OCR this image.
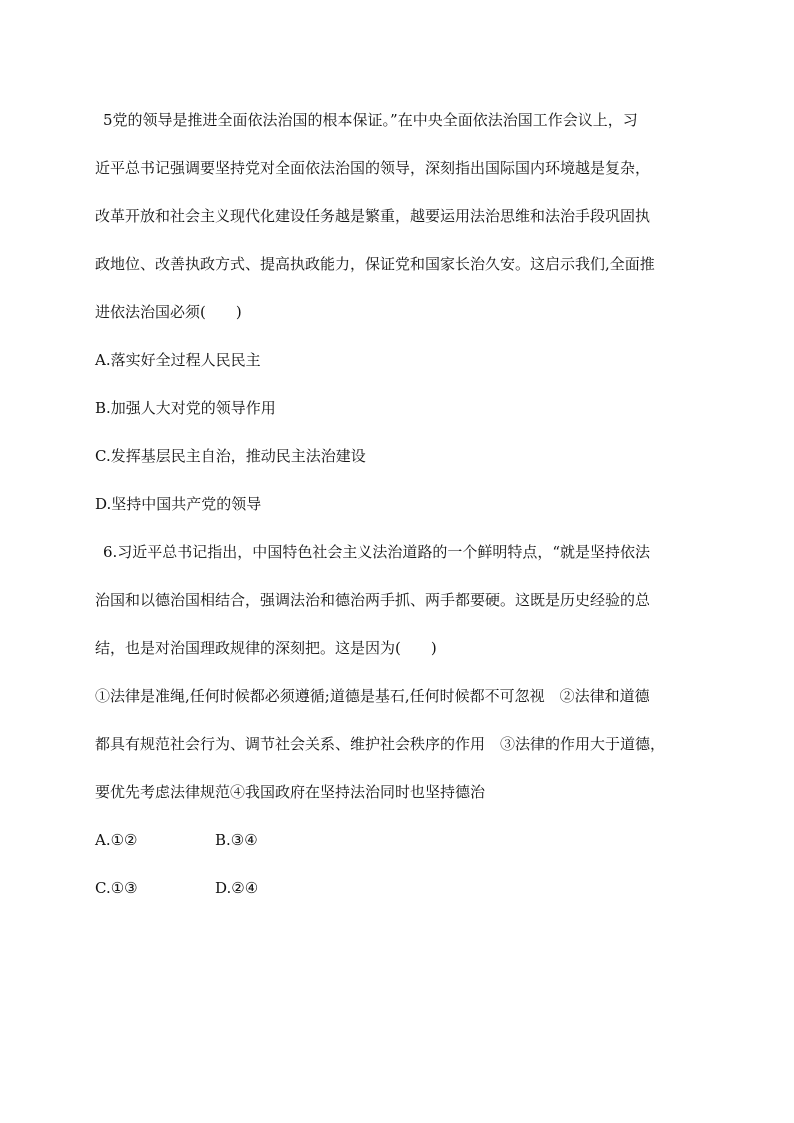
5党的领导是推进全面依法治国的根本保证。”在中央全面依法治国工作会议上，习
近平总书记强调要坚持党对全面依法治国的领导，深刻指出国际国内环境越是复杂，
改革开放和社会主义现代化建设任务越是繁重，越要运用法治思维和法治手段巩固执
政地位、改善执政方式、提高执政能力，保证党和国家长治久安。这启示我们,全面推
进依法治国必须(　　)
A.落实好全过程人民民主
B.加强人大对党的领导作用
C.发挥基层民主自治，推动民主法治建设
D.坚持中国共产党的领导
6.习近平总书记指出，中国特色社会主义法治道路的一个鲜明特点，“就是坚持依法
治国和以德治国相结合，强调法治和德治两手抓、两手都要硬。这既是历史经验的总
结，也是对治国理政规律的深刻把。这是因为(　　)
①法律是准绳,任何时候都必须遵循;道德是基石,任何时候都不可忽视　②法律和道德
都具有规范社会行为、调节社会关系、维护社会秩序的作用　③法律的作用大于道德，
要优先考虑法律规范④我国政府在坚持法治同时也坚持德治
A.①②	B.③④
C.①③	D.②④
